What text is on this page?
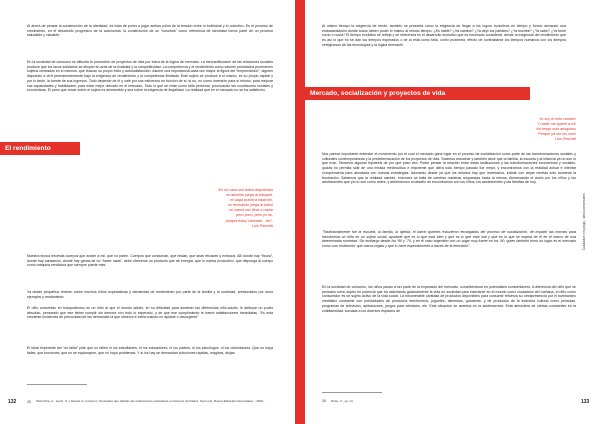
Al ahora de pensar la construcción de la identidad, es trata de poner a jugar ambos polos de la tensión entre lo individual y lo colectivo. En el proceso de crecimiento, en el desarrollo progresivo de la autonomía, la construcción de un “nosotros” como referencia de identidad forma parte de un proceso saludable y valuable.

En la sociedad de consumo se dificulta la promoción de proyectos de vida por fuera de la lógica de mercado. La mercantilización de las relaciones sociales produce que los lazos solidarios se diluyan en aras de la rivalidad y la competitividad. La competencia y el rendimiento como valores priorizados promueven sujetos centrados en sí mismos, que buscan su propio éxito y autosatisfacción. Asume una importancia cada vez mayor la figura del “emprendedor”, alguien dispuesto a vivir permanentemente bajo la exigencia de rendimiento y la competencia ilimitada. Este sujeto se produce a sí mismo, es su propio capital y por lo tanto, la fuente de sus ingresos. Todo depende de él y vale por sus esfuerzos en función de sí; si no, no como inversión para sí mismo, para mejorar sus capacidades y habilidades, para estar mejor ubicado en el mercado. Todo lo que se mide como falla personal, provocando las condiciones sociales y económicas. El peso que recae sobre el sujeto es desmedido y sea sobre la exigencia de ilegalidad. La realidad que en el mercado no se ha satisfecho.

El rendimiento
“En mi casa son todos deportistas
mi abuelito juega al básquet,
mi papá practica natación,
mi hermanito juega al fútbol
mi mamá nos lleva a nadar
pero yono, pero yo no,
porque estoy cansado... dic”.
Luis Pescetti

Nuestra época necesita cuerpos que anden a mil, que no paren. Cuerpos que consuman, que rindan, que sean eficaces y exitosos. Allí donde hay “fisura”, donde hay cansancio, donde hay ganas de no “hacer nada”, debe ofrecerse un producto que dé energía, que lo vuelva productivo, que disponga al cuerpo como máquina rendidora que siempre puede más.

Ya desde pequeños reciben sobre muchos niños expectativas y demandas de rendimiento por parte de la familia y la sociedad, presionados por otros ejemplos y rendimiento.

El niño convertido en todopoderoso es un niño al que el mundo adulto, en su dificultad para sostener las diferencias niño-adulto, le atribuye un poder absoluto, pensando que ese deber cumplir sin demora con todo lo esperado, y de que ese cumplimiento le traerá satisfacciones inmediatas. “Es esta creciente incidencia de precocidad de las demandas la que observo e exilia cuando no aplaste o decurgente”

El ideal imperante del “no fallar” pide que no fallen ni los estudiantes, ni los educadores, ni los padres, ni los psicólogos, ni los orientadores. Que no haya fallas, que funciones, que no se equivoquen, que no haya problemas. Y si los hay se demandan soluciones rápidas, mágicas, ahijas.

132	25 Tallocchia, A., Lenzi, S. y Duarte G. (comps.): Pensados que habitan las instituciones educativas en tiempos de fluidez, San Luis, Nueva Editorial Universitaria - UNSL.

Al mismo tiempo la exigencia de rendir, también se presenta como la exigencia de llegar a los logros evolutivos en tiempo y forma: armando una estandarización donde todos deben poder lo mismo al mismo tiempo. ¿Es hablé? ¿Va camina? ¿Ya dejó los pañales? ¿Ya escribe? ¿Ya sabe? ¿Ya tiene novio o novia? El tiempo evolutivo se refleja y se referencia en el desarrollo evolutivo que es necesario considerar, desde la exigencia del rendimiento que es así lo que no se dan los tiempos esperados o se la está como falla, como problema, efecto de contrastarse los tiempos humanos con los tiempos vertiginosos de las tecnologías y la lógica mercantil.

Mercado, socialización y proyectos de vida
Yo soy el niño cambio!
Y nadie me quiere a mi!
No tengo más amiguitos
Porque ya me los com!
Luis Pescetti

Nos parece importante entender el movimiento por el cual el mercado gana lugar en el proceso de socialización como parte de las transformaciones sociales y culturales contemporáneas y la predeterminación de los proyectos de vida. Solemos escuchar y también decir que la familia, la escuela y la infancia ya no son lo que eran. Tenemos algunas hipótesis de por qué pasó eso. Poder pensar la relación entre estas instituciones y las transformaciones económicas y sociales, quizás no permita salir de una mirada melancólica e impotente que diera todo tiempo pasado fue mejor, y encontrarnos con la realidad actual e intentar comprenderla para abordarla con nuevas estrategias. Adorando desde ya que los mismos hay que inventarlos, insistir con viejas recetas sólo aumenta la frustración. Sabemos que la realidad cambió, entonces se trata de cambiar nuestras respuestas hacia la misma. Atravesando el duelo por los niños y los adolescentes que ya no son como antes, y abriéndonos al desafío de encontrarnos con los niños, los adolescentes y las familias de hoy.

“Tradicionalmente fue la escuela, la familia, la Iglesia, el barrio quienes estuvieron encargados del proceso de socialización, de impartir las normas para transformar un niño en un sujeto social, ayudarle qué es lo que está bien y qué es lo que está mal y qué es lo que se espera de él en el marco de una determinada sociedad. Sin embargo desde los ‘80 y ‘70, y en el caso argentino con un auge muy fuerte en los ‘90, quien también tomó un lugar es el mercado como una ‘institución’ que marca reglas y que lo hace especialmente a través de la televisión”.

En la sociedad de consumo, los niños pasan a ser parte de la expansión del mercado, convirtiéndose en potenciales consumidores. A diferencia del niño que se pensaba como sujeto en potencia que irá asimilando gradualmente la vida en sociedad para insertarse en el mundo como ciudadano del mañana, el niño como consumidor es un sujeto activo de la vida social. La innumerable cantidad de productos disponibles para consumir refuerza su omnipresencia por el bombardeo mediático constante con publicidades de productos electrónicos, juguetes, alimentos, golosinas, y de productos de la industria cultural como películas, programas de televisión, aplicaciones, juegos para celulares, etc. Esta situación se acentúa en la adolescencia. Esta atmósfera de ofertas constantes en la cotidianeidad, sumada a los diversos espacios de

26 Duhu, V., op. cit.	133
Cuidados en juego, ideal personales
